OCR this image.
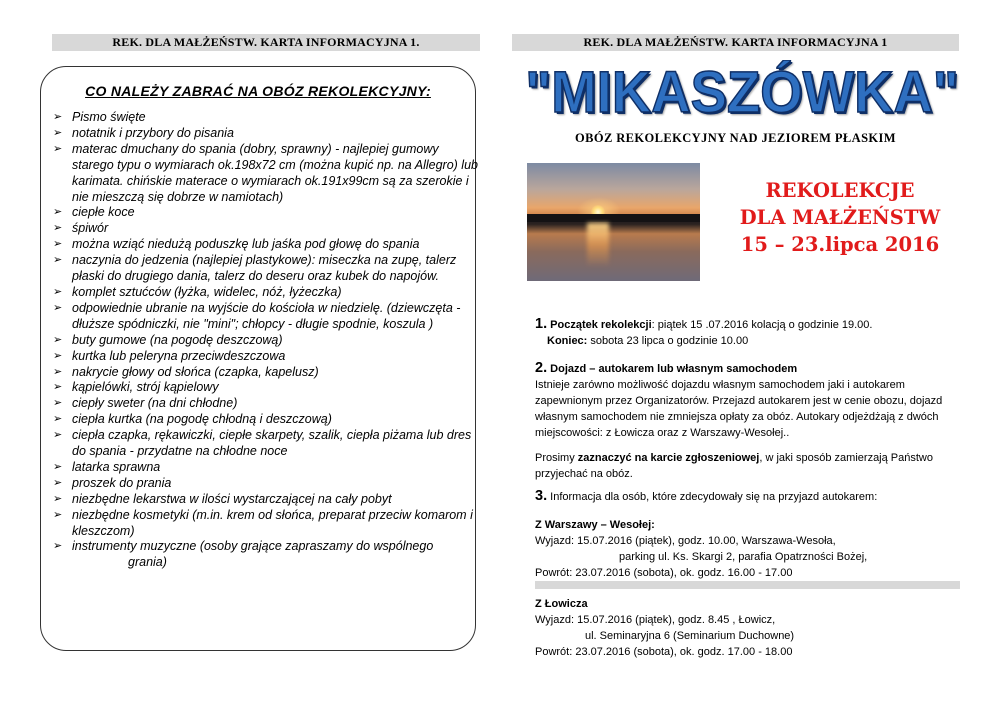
REK. DLA MAŁŻEŃSTW. KARTA INFORMACYJNA 1.
CO NALEŻY ZABRAĆ NA OBÓZ REKOLEKCYJNY:
➢ Pismo święte
➢ notatnik i przybory do pisania
➢ materac dmuchany do spania (dobry, sprawny) - najlepiej gumowy starego typu o wymiarach ok.198x72 cm (można kupić np. na Allegro) lub karimata. chińskie materace o wymiarach ok.191x99cm są za szerokie i nie mieszczą się dobrze w namiotach)
➢ ciepłe koce
➢ śpiwór
➢ można wziąć niedużą poduszkę lub jaśka pod głowę do spania
➢ naczynia do jedzenia (najlepiej plastykowe): miseczka na zupę, talerz płaski do drugiego dania, talerz do deseru oraz kubek do napojów.
➢ komplet sztućców (łyżka, widelec, nóż, łyżeczka)
➢ odpowiednie ubranie na wyjście do kościoła w niedzielę. (dziewczęta - dłuższe spódniczki, nie "mini"; chłopcy - długie spodnie, koszula )
➢ buty gumowe (na pogodę deszczową)
➢ kurtka lub peleryna przeciwdeszczowa
➢ nakrycie głowy od słońca (czapka, kapelusz)
➢ kąpielówki, strój kąpielowy
➢ ciepły sweter (na dni chłodne)
➢ ciepła kurtka (na pogodę chłodną i deszczową)
➢ ciepła czapka, rękawiczki, ciepłe skarpety, szalik, ciepła piżama lub dres do spania - przydatne na chłodne noce
➢ latarka sprawna
➢ proszek do prania
➢ niezbędne lekarstwa w ilości wystarczającej na cały pobyt
➢ niezbędne kosmetyki (m.in. krem od słońca, preparat przeciw komarom i kleszczom)
➢ instrumenty muzyczne (osoby grające zapraszamy do wspólnego
grania)
REK. DLA MAŁŻEŃSTW. KARTA INFORMACYJNA 1
"MIKASZÓWKA"
OBÓZ REKOLEKCYJNY NAD JEZIOREM PŁASKIM
REKOLEKCJE
DLA MAŁŻEŃSTW
15 – 23.lipca 2016
1. Początek rekolekcji: piątek 15 .07.2016 kolacją o godzinie 19.00.
Koniec: sobota 23 lipca o godzinie 10.00
2. Dojazd – autokarem lub własnym samochodem
Istnieje zarówno możliwość dojazdu własnym samochodem jaki i autokarem zapewnionym przez Organizatorów. Przejazd autokarem jest w cenie obozu, dojazd własnym samochodem nie zmniejsza opłaty za obóz. Autokary odjeżdżają z dwóch miejscowości: z Łowicza oraz z Warszawy-Wesołej..
Prosimy zaznaczyć na karcie zgłoszeniowej, w jaki sposób zamierzają Państwo przyjechać na obóz.
3. Informacja dla osób, które zdecydowały się na przyjazd autokarem:
Z Warszawy – Wesołej:
Wyjazd: 15.07.2016 (piątek), godz. 10.00, Warszawa-Wesoła,
parking ul. Ks. Skargi 2, parafia Opatrzności Bożej,
Powrót: 23.07.2016 (sobota), ok. godz. 16.00 - 17.00
Z Łowicza
Wyjazd: 15.07.2016 (piątek), godz. 8.45 , Łowicz,
ul. Seminaryjna 6 (Seminarium Duchowne)
Powrót: 23.07.2016 (sobota), ok. godz. 17.00 - 18.00
